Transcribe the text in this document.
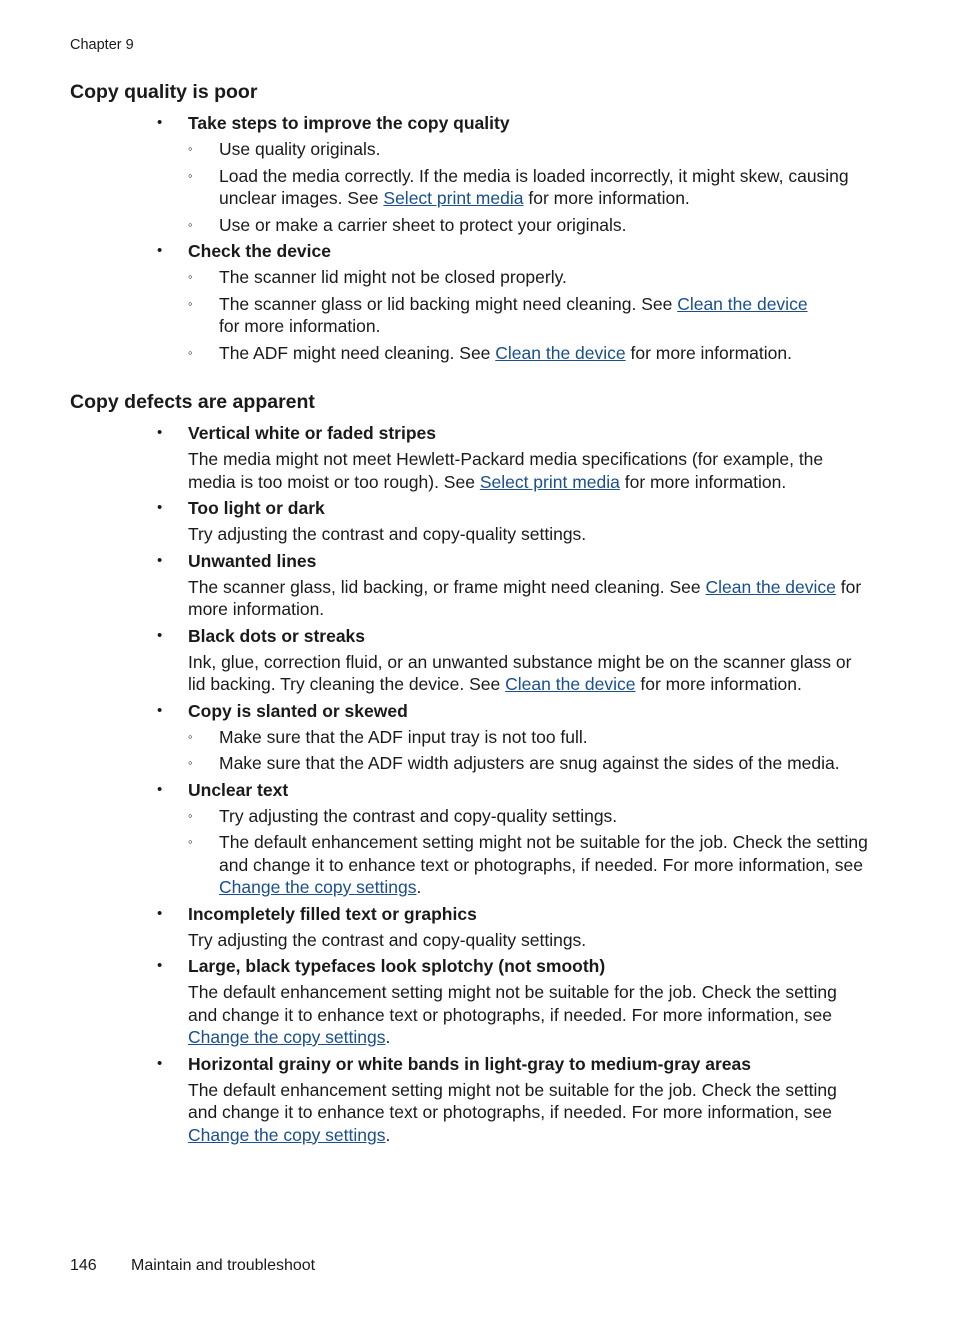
Chapter 9
Copy quality is poor
• Take steps to improve the copy quality
◦ Use quality originals.
◦ Load the media correctly. If the media is loaded incorrectly, it might skew, causing unclear images. See Select print media for more information.
◦ Use or make a carrier sheet to protect your originals.
• Check the device
◦ The scanner lid might not be closed properly.
◦ The scanner glass or lid backing might need cleaning. See Clean the device
for more information.
◦ The ADF might need cleaning. See Clean the device for more information.
Copy defects are apparent
• Vertical white or faded stripes
The media might not meet Hewlett-Packard media specifications (for example, the media is too moist or too rough). See Select print media for more information.
• Too light or dark
Try adjusting the contrast and copy-quality settings.
• Unwanted lines
The scanner glass, lid backing, or frame might need cleaning. See Clean the device for more information.
• Black dots or streaks
Ink, glue, correction fluid, or an unwanted substance might be on the scanner glass or lid backing. Try cleaning the device. See Clean the device for more information.
• Copy is slanted or skewed
◦ Make sure that the ADF input tray is not too full.
◦ Make sure that the ADF width adjusters are snug against the sides of the media.
• Unclear text
◦ Try adjusting the contrast and copy-quality settings.
◦ The default enhancement setting might not be suitable for the job. Check the setting and change it to enhance text or photographs, if needed. For more information, see Change the copy settings.
• Incompletely filled text or graphics
Try adjusting the contrast and copy-quality settings.
• Large, black typefaces look splotchy (not smooth)
The default enhancement setting might not be suitable for the job. Check the setting and change it to enhance text or photographs, if needed. For more information, see Change the copy settings.
• Horizontal grainy or white bands in light-gray to medium-gray areas
The default enhancement setting might not be suitable for the job. Check the setting and change it to enhance text or photographs, if needed. For more information, see Change the copy settings.
146 Maintain and troubleshoot
